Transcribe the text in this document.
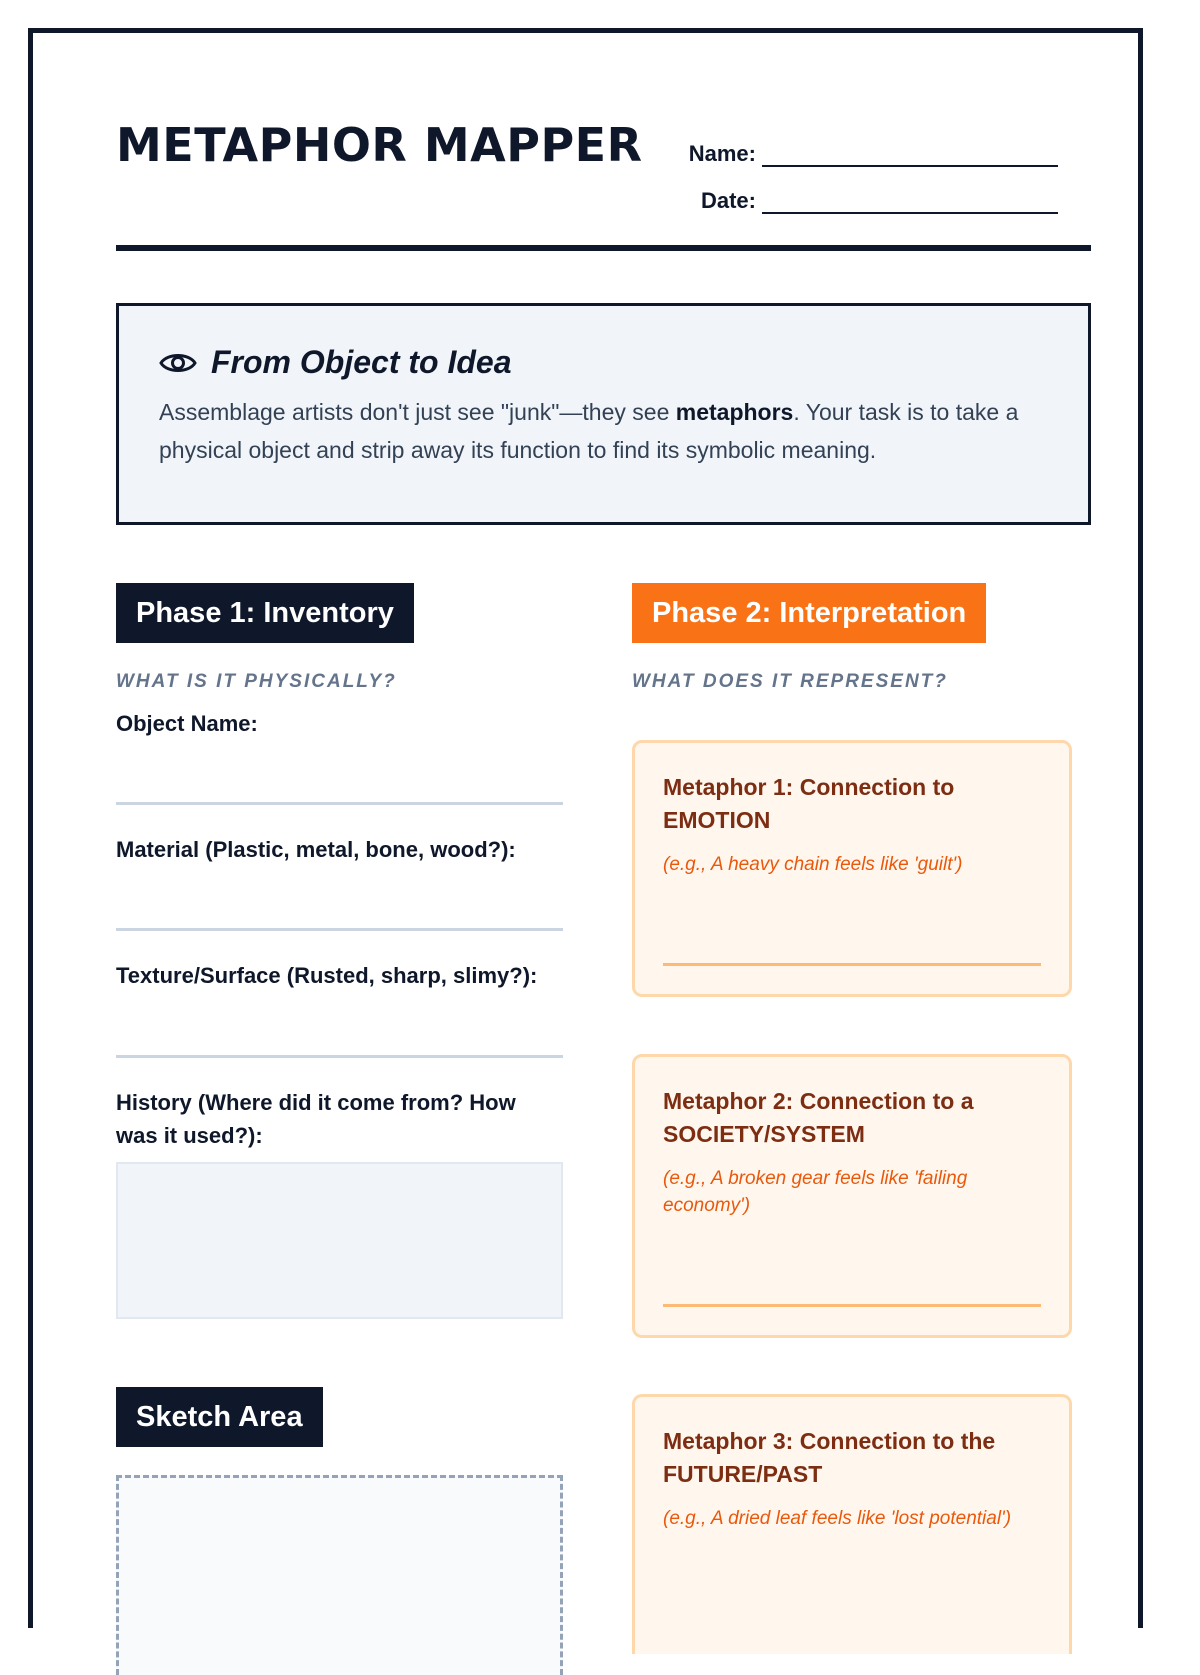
METAPHOR MAPPER Name:
Date:
From Object to Idea
Assemblage artists don't just see "junk"—they see metaphors. Your task is to take a physical object and strip away its function to find its symbolic meaning.
Phase 1: Inventory
WHAT IS IT PHYSICALLY?
Object Name:
Material (Plastic, metal, bone, wood?):
Texture/Surface (Rusted, sharp, slimy?):
History (Where did it come from? How was it used?):
Sketch Area
Phase 2: Interpretation
WHAT DOES IT REPRESENT?
Metaphor 1: Connection to EMOTION
(e.g., A heavy chain feels like 'guilt')
Metaphor 2: Connection to a SOCIETY/SYSTEM
(e.g., A broken gear feels like 'failing economy')
Metaphor 3: Connection to the FUTURE/PAST
(e.g., A dried leaf feels like 'lost potential')
